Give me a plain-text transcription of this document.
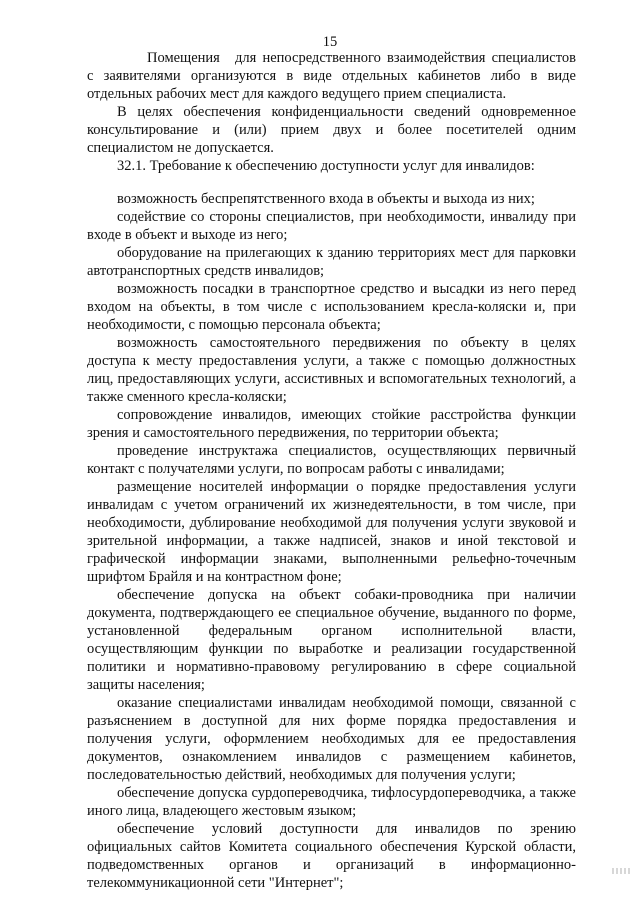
15

Помещения для непосредственного взаимодействия специалистов с заявителями организуются в виде отдельных кабинетов либо в виде отдельных рабочих мест для каждого ведущего прием специалиста.

В целях обеспечения конфиденциальности сведений одновременное консультирование и (или) прием двух и более посетителей одним специалистом не допускается.

32.1. Требование к обеспечению доступности услуг для инвалидов:

возможность беспрепятственного входа в объекты и выхода из них;

содействие со стороны специалистов, при необходимости, инвалиду при входе в объект и выходе из него;

оборудование на прилегающих к зданию территориях мест для парковки автотранспортных средств инвалидов;

возможность посадки в транспортное средство и высадки из него перед входом на объекты, в том числе с использованием кресла-коляски и, при необходимости, с помощью персонала объекта;

возможность самостоятельного передвижения по объекту в целях доступа к месту предоставления услуги, а также с помощью должностных лиц, предоставляющих услуги, ассистивных и вспомогательных технологий, а также сменного кресла-коляски;

сопровождение инвалидов, имеющих стойкие расстройства функции зрения и самостоятельного передвижения, по территории объекта;

проведение инструктажа специалистов, осуществляющих первичный контакт с получателями услуги, по вопросам работы с инвалидами;

размещение носителей информации о порядке предоставления услуги инвалидам с учетом ограничений их жизнедеятельности, в том числе, при необходимости, дублирование необходимой для получения услуги звуковой и зрительной информации, а также надписей, знаков и иной текстовой и графической информации знаками, выполненными рельефно-точечным шрифтом Брайля и на контрастном фоне;

обеспечение допуска на объект собаки-проводника при наличии документа, подтверждающего ее специальное обучение, выданного по форме, установленной федеральным органом исполнительной власти, осуществляющим функции по выработке и реализации государственной политики и нормативно-правовому регулированию в сфере социальной защиты населения;

оказание специалистами инвалидам необходимой помощи, связанной с разъяснением в доступной для них форме порядка предоставления и получения услуги, оформлением необходимых для ее предоставления документов, ознакомлением инвалидов с размещением кабинетов, последовательностью действий, необходимых для получения услуги;

обеспечение допуска сурдопереводчика, тифлосурдопереводчика, а также иного лица, владеющего жестовым языком;

обеспечение условий доступности для инвалидов по зрению официальных сайтов Комитета социального обеспечения Курской области, подведомственных органов и организаций в информационно-телекоммуникационной сети "Интернет";
